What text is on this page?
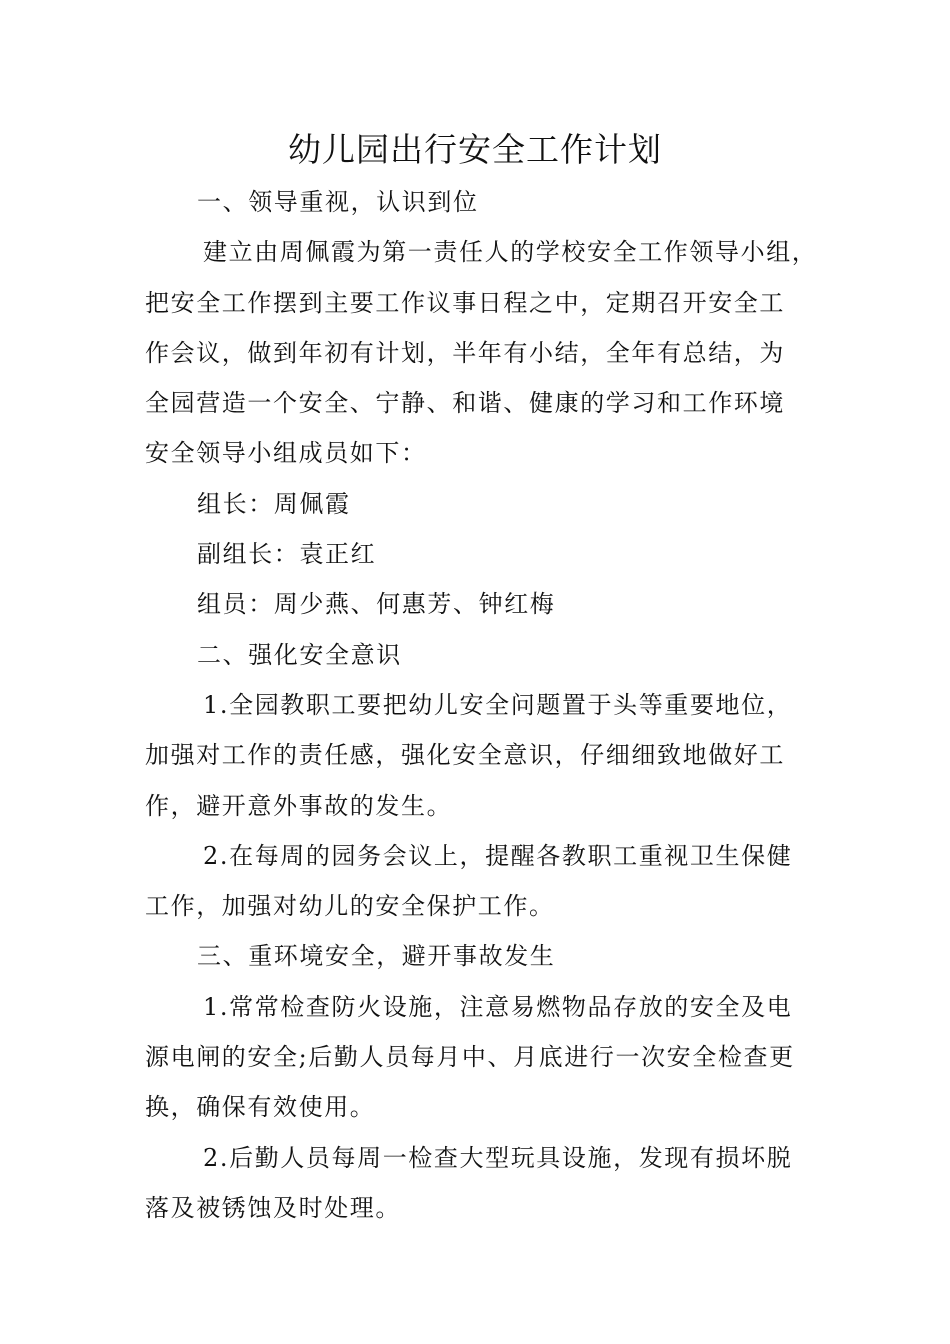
幼儿园出行安全工作计划

一、领导重视，认识到位

建立由周佩霞为第一责任人的学校安全工作领导小组，

把安全工作摆到主要工作议事日程之中，定期召开安全工

作会议，做到年初有计划，半年有小结，全年有总结，为

全园营造一个安全、宁静、和谐、健康的学习和工作环境

安全领导小组成员如下：

组长：周佩霞

副组长：袁正红

组员：周少燕、何惠芳、钟红梅

二、强化安全意识

1.全园教职工要把幼儿安全问题置于头等重要地位，

加强对工作的责任感，强化安全意识，仔细细致地做好工

作，避开意外事故的发生。

2.在每周的园务会议上，提醒各教职工重视卫生保健

工作，加强对幼儿的安全保护工作。

三、重环境安全，避开事故发生

1.常常检查防火设施，注意易燃物品存放的安全及电

源电闸的安全;后勤人员每月中、月底进行一次安全检查更

换，确保有效使用。

2.后勤人员每周一检查大型玩具设施，发现有损坏脱

落及被锈蚀及时处理。
